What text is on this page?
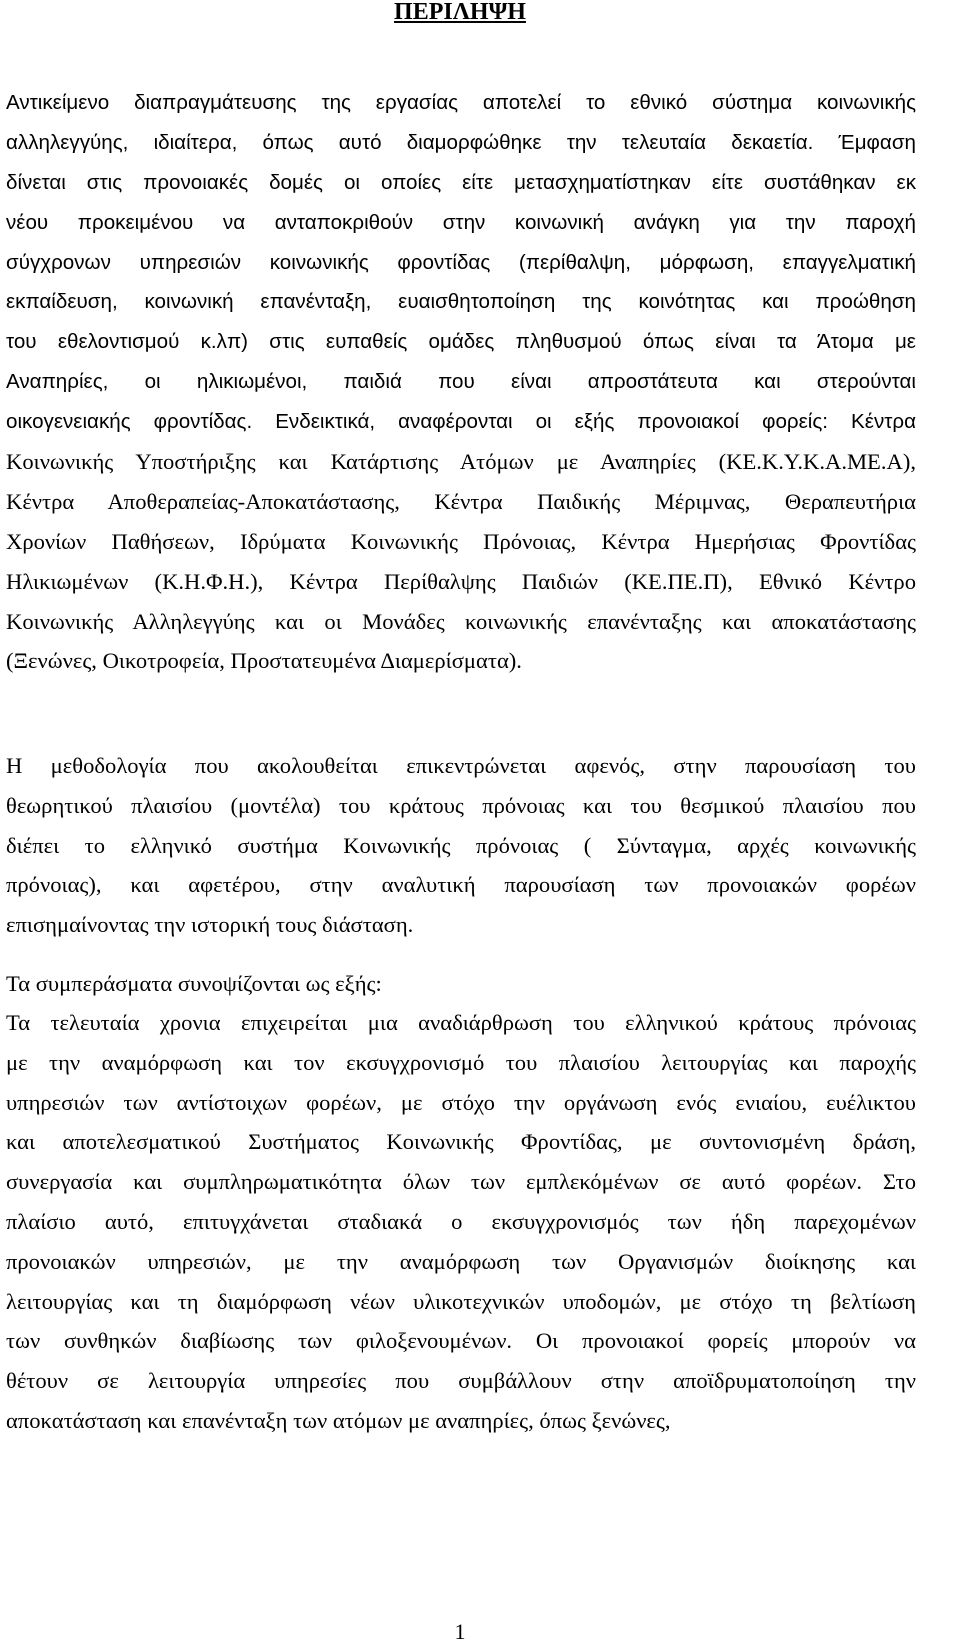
ΠΕΡΙΛΗΨΗ
Αντικείμενο διαπραγμάτευσης της εργασίας αποτελεί το εθνικό σύστημα κοινωνικής
αλληλεγγύης, ιδιαίτερα, όπως αυτό διαμορφώθηκε την τελευταία δεκαετία. Έμφαση
δίνεται στις προνοιακές δομές οι οποίες είτε μετασχηματίστηκαν είτε συστάθηκαν εκ
νέου προκειμένου να ανταποκριθούν στην κοινωνική ανάγκη για την παροχή
σύγχρονων υπηρεσιών κοινωνικής φροντίδας (περίθαλψη, μόρφωση, επαγγελματική
εκπαίδευση, κοινωνική επανένταξη, ευαισθητοποίηση της κοινότητας και προώθηση
του εθελοντισμού κ.λπ) στις ευπαθείς ομάδες πληθυσμού όπως είναι τα Άτομα με
Αναπηρίες, οι ηλικιωμένοι, παιδιά που είναι απροστάτευτα και στερούνται
οικογενειακής φροντίδας. Ενδεικτικά, αναφέρονται οι εξής προνοιακοί φορείς: Κέντρα
Κοινωνικής Υποστήριξης και Κατάρτισης Ατόμων με Αναπηρίες (ΚΕ.Κ.Υ.Κ.Α.ΜΕ.Α),
Κέντρα Αποθεραπείας-Αποκατάστασης, Κέντρα Παιδικής Μέριμνας, Θεραπευτήρια
Χρονίων Παθήσεων, Ιδρύματα Κοινωνικής Πρόνοιας, Κέντρα Ημερήσιας Φροντίδας
Ηλικιωμένων (Κ.Η.Φ.Η.), Κέντρα Περίθαλψης Παιδιών (ΚΕ.ΠΕ.Π), Εθνικό Κέντρο
Κοινωνικής Αλληλεγγύης και οι Μονάδες κοινωνικής επανένταξης και αποκατάστασης
(Ξενώνες, Οικοτροφεία, Προστατευμένα Διαμερίσματα).
Η μεθοδολογία που ακολουθείται επικεντρώνεται αφενός, στην παρουσίαση του
θεωρητικού πλαισίου (μοντέλα) του κράτους πρόνοιας και του θεσμικού πλαισίου που
διέπει το ελληνικό συστήμα Κοινωνικής πρόνοιας ( Σύνταγμα, αρχές κοινωνικής
πρόνοιας), και αφετέρου, στην αναλυτική παρουσίαση των προνοιακών φορέων
επισημαίνοντας την ιστορική τους διάσταση.
Τα συμπεράσματα συνοψίζονται ως εξής:
Τα τελευταία χρονια επιχειρείται μια αναδιάρθρωση του ελληνικού κράτους πρόνοιας
με την αναμόρφωση και τον εκσυγχρονισμό του πλαισίου λειτουργίας και παροχής
υπηρεσιών των αντίστοιχων φορέων, με στόχο την οργάνωση ενός ενιαίου, ευέλικτου
και αποτελεσματικού Συστήματος Κοινωνικής Φροντίδας, με συντονισμένη δράση,
συνεργασία και συμπληρωματικότητα όλων των εμπλεκόμένων σε αυτό φορέων. Στο
πλαίσιο αυτό, επιτυγχάνεται σταδιακά ο εκσυγχρονισμός των ήδη παρεχομένων
προνοιακών υπηρεσιών, με την αναμόρφωση των Οργανισμών διοίκησης και
λειτουργίας και τη διαμόρφωση νέων υλικοτεχνικών υποδομών, με στόχο τη βελτίωση
των συνθηκών διαβίωσης των φιλοξενουμένων. Οι προνοιακοί φορείς μπορούν να
θέτουν σε λειτουργία υπηρεσίες που συμβάλλουν στην αποϊδρυματοποίηση την
αποκατάσταση και επανένταξη των ατόμων με αναπηρίες, όπως ξενώνες,
1
